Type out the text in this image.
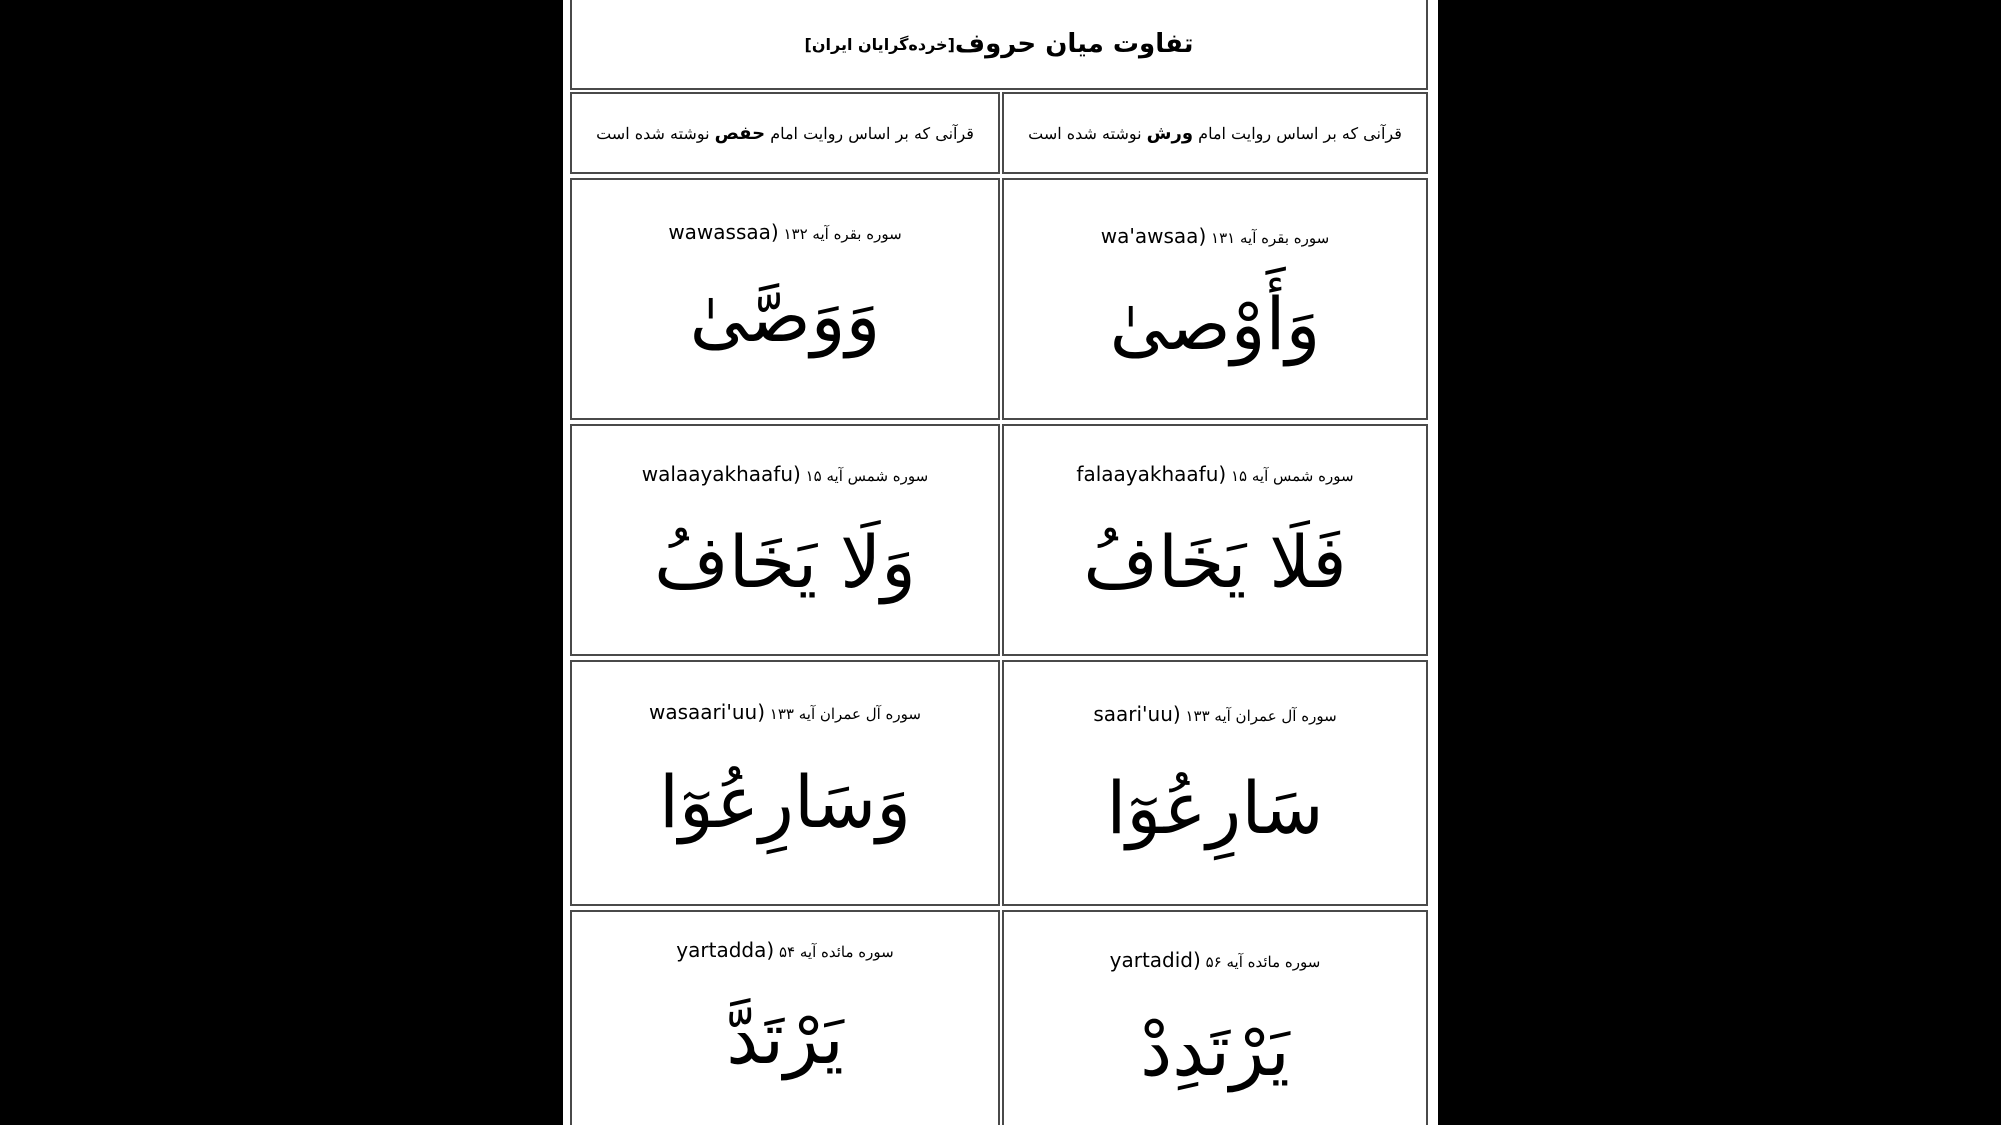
تفاوت میان حروف
[خرده‌گرایان ایران]
قرآنی که بر اساس روایت امام

ورش

نوشته شده است
قرآنی که بر اساس روایت امام

حفص

نوشته شده است
سوره بقره آیه ۱۳۱ (wa'awsaa
وَأَوْصىٰ
سوره بقره آیه ۱۳۲ (wawassaa
وَوَصَّىٰ
سوره شمس آیه ۱۵ (falaayakhaafu
فَلَا يَخَافُ
سوره شمس آیه ۱۵ (walaayakhaafu
وَلَا يَخَافُ
سوره آل عمران آیه ۱۳۳ (saari'uu
سَارِعُوٓا
سوره آل عمران آیه ۱۳۳ (wasaari'uu
وَسَارِعُوٓا
سوره مائده آیه ۵۶ (yartadid
يَرْتَدِدْ
سوره مائده آیه ۵۴ (yartadda
يَرْتَدَّ
